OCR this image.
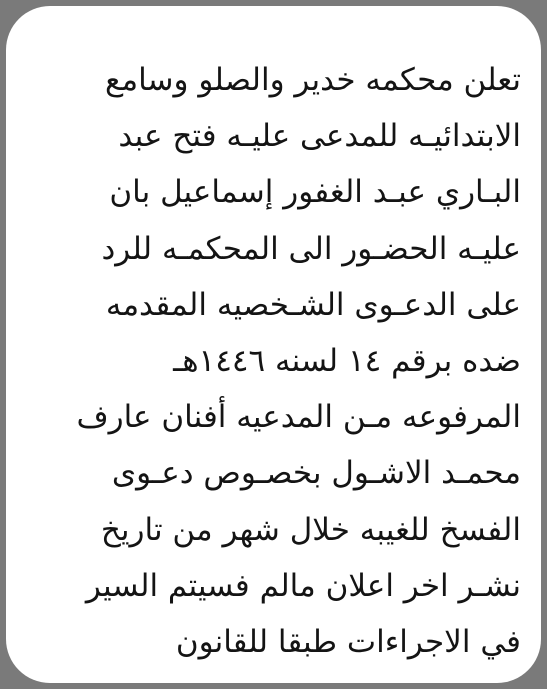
تعلن محكمه خدير والصلو وسامع
الابتدائيـه للمدعى عليـه فتح عبد
البـاري عبـد الغفور إسماعيل بان
عليـه الحضـور الى المحكمـه للرد
على الدعـوى الشـخصيه المقدمه
ضده برقم ١٤ لسنه ١٤٤٦هـ
المرفوعه مـن المدعيه أفنان عارف
محمـد الاشـول بخصـوص دعـوى
الفسخ للغيبه خلال شهر من تاريخ
نشـر اخر اعلان مالم فسيتم السير
في الاجراءات طبقا للقانون
